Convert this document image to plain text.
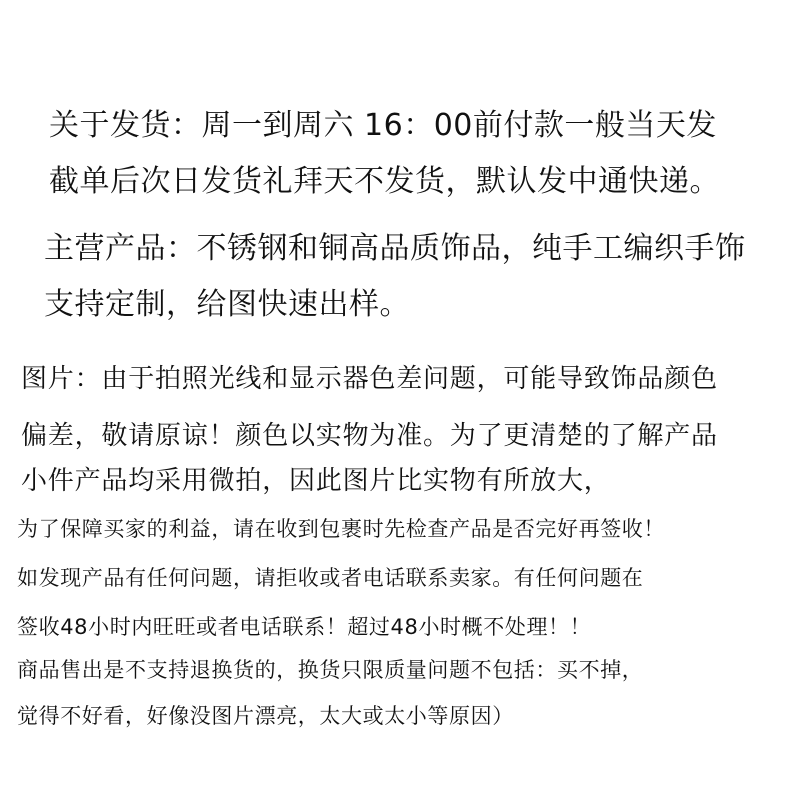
关于发货：周一到周六 16：00前付款一般当天发
截单后次日发货礼拜天不发货，默认发中通快递。
主营产品：不锈钢和铜高品质饰品，纯手工编织手饰
支持定制，给图快速出样。
图片：由于拍照光线和显示器色差问题，可能导致饰品颜色
偏差，敬请原谅！颜色以实物为准。为了更清楚的了解产品
小件产品均采用微拍，因此图片比实物有所放大，
为了保障买家的利益，请在收到包裹时先检查产品是否完好再签收！
如发现产品有任何问题，请拒收或者电话联系卖家。有任何问题在
签收48小时内旺旺或者电话联系！超过48小时概不处理！！
商品售出是不支持退换货的，换货只限质量问题不包括：买不掉，
觉得不好看，好像没图片漂亮，太大或太小等原因）
